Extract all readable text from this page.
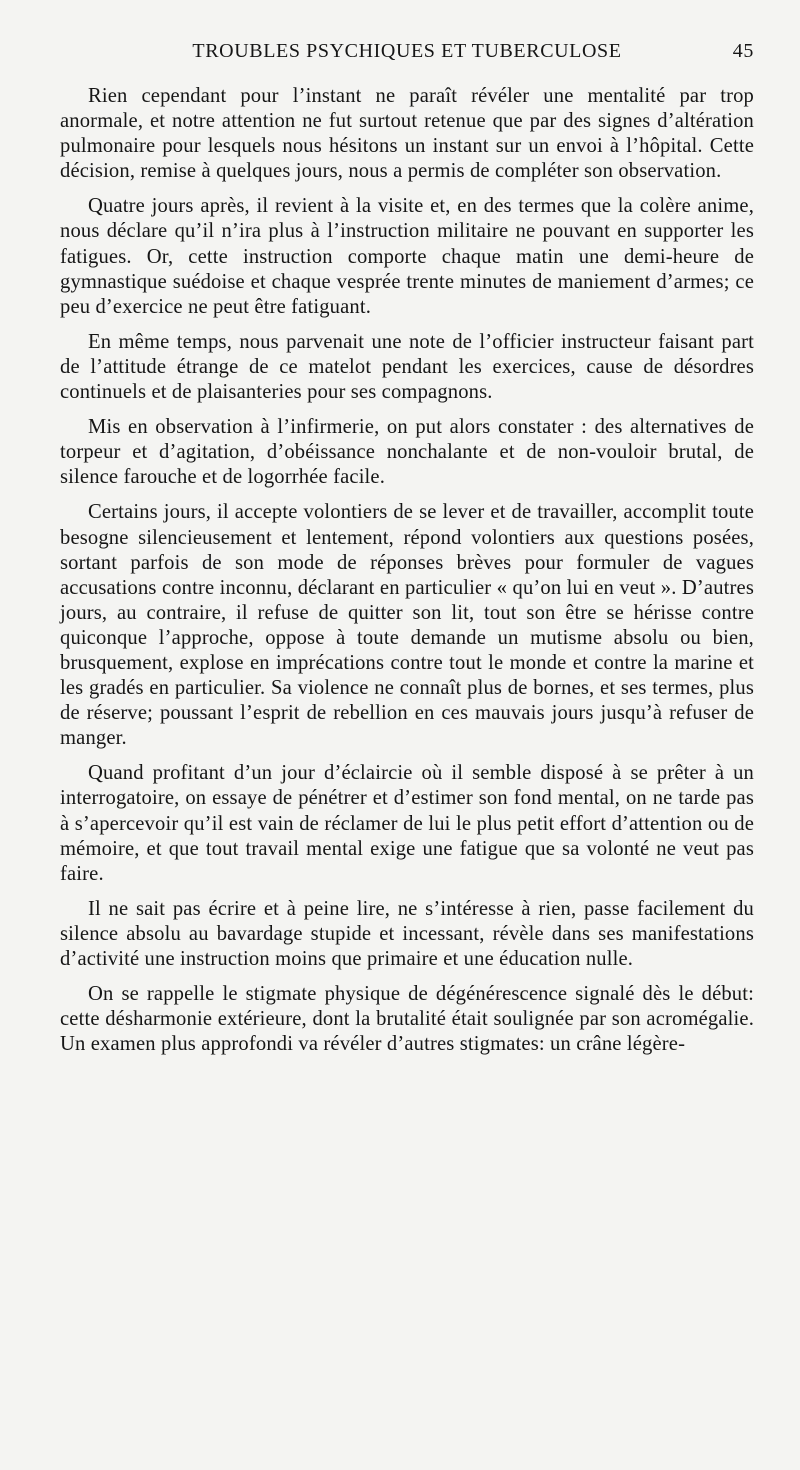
TROUBLES PSYCHIQUES ET TUBERCULOSE	45

Rien cependant pour l’instant ne paraît révéler une mentalité par trop anormale, et notre attention ne fut surtout retenue que par des signes d’altération pulmonaire pour lesquels nous hésitons un instant sur un envoi à l’hôpital. Cette décision, remise à quelques jours, nous a permis de compléter son observation.

Quatre jours après, il revient à la visite et, en des termes que la colère anime, nous déclare qu’il n’ira plus à l’instruction militaire ne pouvant en supporter les fatigues. Or, cette instruction comporte chaque matin une demi-heure de gymnastique suédoise et chaque vesprée trente minutes de maniement d’armes; ce peu d’exercice ne peut être fatiguant.

En même temps, nous parvenait une note de l’officier instructeur faisant part de l’attitude étrange de ce matelot pendant les exercices, cause de désordres continuels et de plaisanteries pour ses compagnons.

Mis en observation à l’infirmerie, on put alors constater : des alternatives de torpeur et d’agitation, d’obéissance nonchalante et de non-vouloir brutal, de silence farouche et de logorrhée facile.

Certains jours, il accepte volontiers de se lever et de travailler, accomplit toute besogne silencieusement et lentement, répond volontiers aux questions posées, sortant parfois de son mode de réponses brèves pour formuler de vagues accusations contre inconnu, déclarant en particulier « qu’on lui en veut ». D’autres jours, au contraire, il refuse de quitter son lit, tout son être se hérisse contre quiconque l’approche, oppose à toute demande un mutisme absolu ou bien, brusquement, explose en imprécations contre tout le monde et contre la marine et les gradés en particulier. Sa violence ne connaît plus de bornes, et ses termes, plus de réserve; poussant l’esprit de rebellion en ces mauvais jours jusqu’à refuser de manger.

Quand profitant d’un jour d’éclaircie où il semble disposé à se prêter à un interrogatoire, on essaye de pénétrer et d’estimer son fond mental, on ne tarde pas à s’apercevoir qu’il est vain de réclamer de lui le plus petit effort d’attention ou de mémoire, et que tout travail mental exige une fatigue que sa volonté ne veut pas faire.

Il ne sait pas écrire et à peine lire, ne s’intéresse à rien, passe facilement du silence absolu au bavardage stupide et incessant, révèle dans ses manifestations d’activité une instruction moins que primaire et une éducation nulle.

On se rappelle le stigmate physique de dégénérescence signalé dès le début: cette désharmonie extérieure, dont la brutalité était soulignée par son acromégalie. Un examen plus approfondi va révéler d’autres stigmates: un crâne légère-
